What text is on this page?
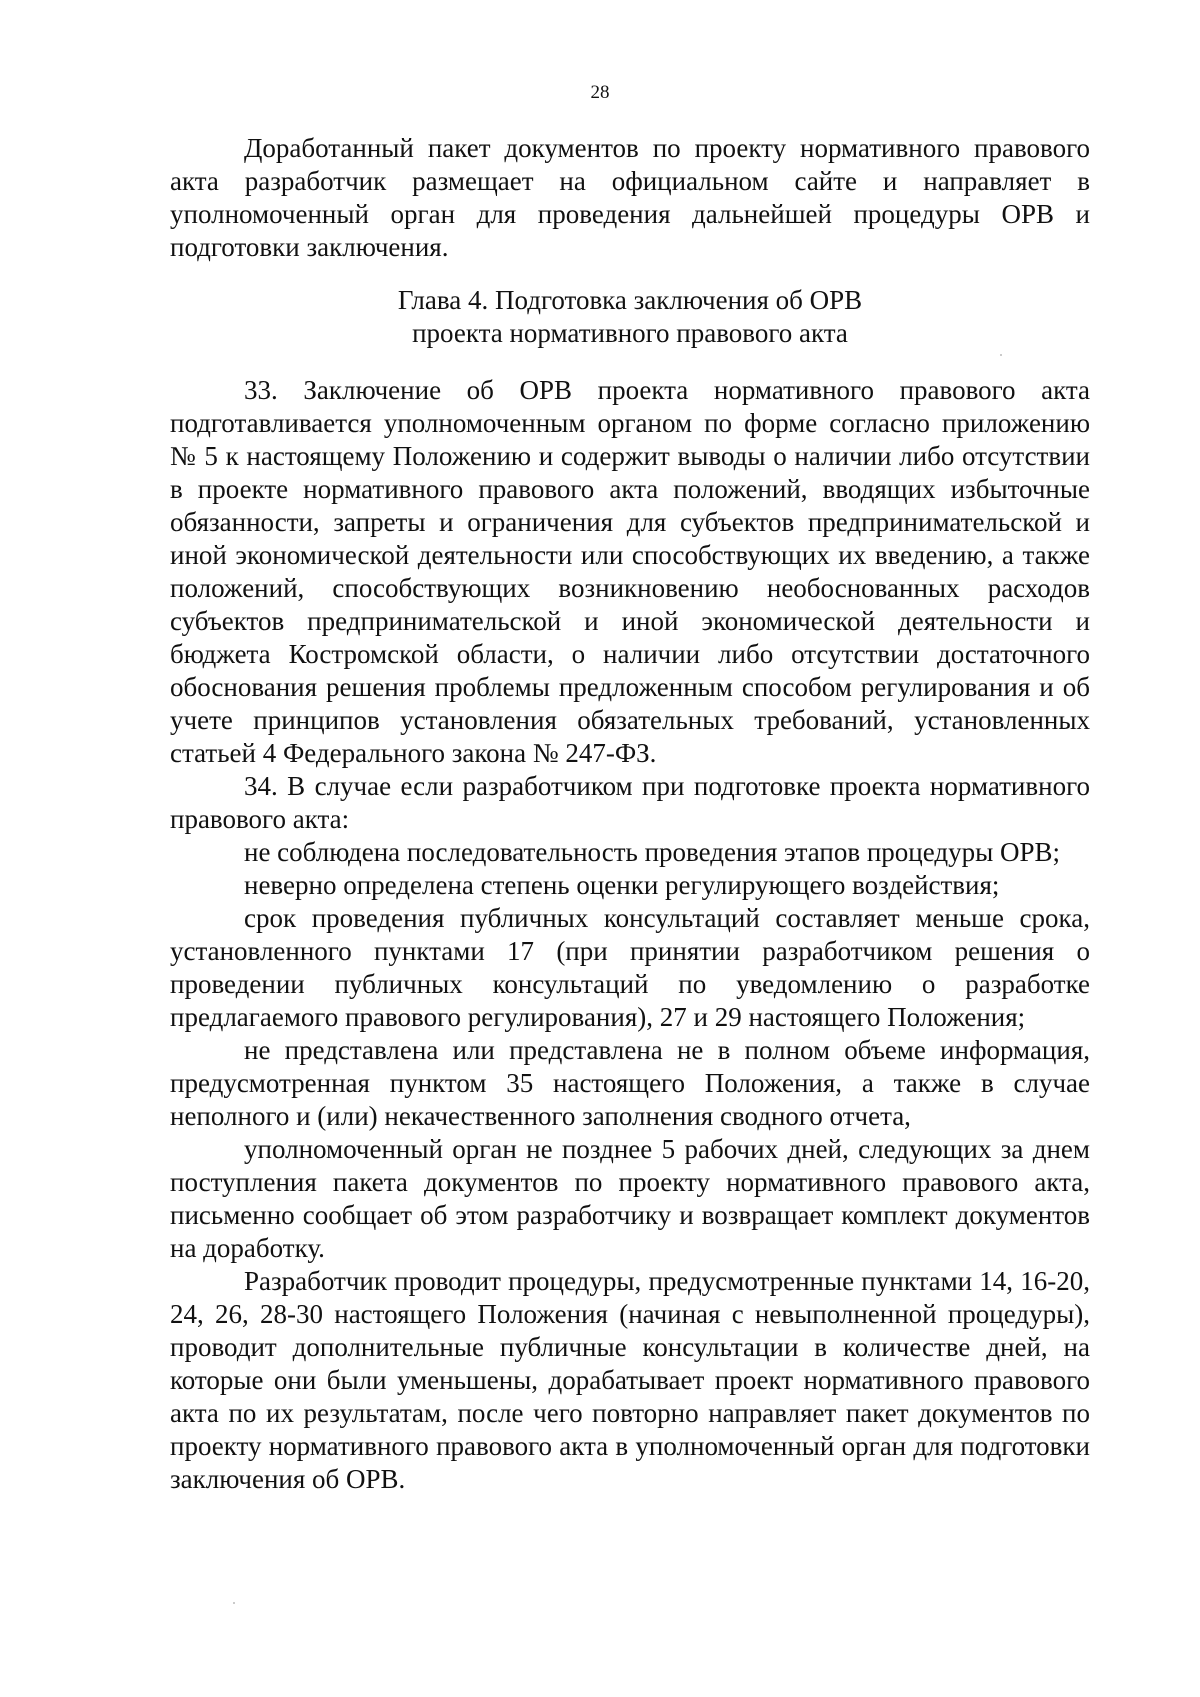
28

Доработанный пакет документов по проекту нормативного правового акта разработчик размещает на официальном сайте и направляет в уполномоченный орган для проведения дальнейшей процедуры ОРВ и подготовки заключения.

Глава 4. Подготовка заключения об ОРВ
проекта нормативного правового акта

33. Заключение об ОРВ проекта нормативного правового акта подготавливается уполномоченным органом по форме согласно приложению № 5 к настоящему Положению и содержит выводы о наличии либо отсутствии в проекте нормативного правового акта положений, вводящих избыточные обязанности, запреты и ограничения для субъектов предпринимательской и иной экономической деятельности или способствующих их введению, а также положений, способствующих возникновению необоснованных расходов субъектов предпринимательской и иной экономической деятельности и бюджета Костромской области, о наличии либо отсутствии достаточного обоснования решения проблемы предложенным способом регулирования и об учете принципов установления обязательных требований, установленных статьей 4 Федерального закона № 247-ФЗ.

34. В случае если разработчиком при подготовке проекта нормативного правового акта:

не соблюдена последовательность проведения этапов процедуры ОРВ;

неверно определена степень оценки регулирующего воздействия;

срок проведения публичных консультаций составляет меньше срока, установленного пунктами 17 (при принятии разработчиком решения о проведении публичных консультаций по уведомлению о разработке предлагаемого правового регулирования), 27 и 29 настоящего Положения;

не представлена или представлена не в полном объеме информация, предусмотренная пунктом 35 настоящего Положения, а также в случае неполного и (или) некачественного заполнения сводного отчета,

уполномоченный орган не позднее 5 рабочих дней, следующих за днем поступления пакета документов по проекту нормативного правового акта, письменно сообщает об этом разработчику и возвращает комплект документов на доработку.

Разработчик проводит процедуры, предусмотренные пунктами 14, 16-20, 24, 26, 28-30 настоящего Положения (начиная с невыполненной процедуры), проводит дополнительные публичные консультации в количестве дней, на которые они были уменьшены, дорабатывает проект нормативного правового акта по их результатам, после чего повторно направляет пакет документов по проекту нормативного правового акта в уполномоченный орган для подготовки заключения об ОРВ.
